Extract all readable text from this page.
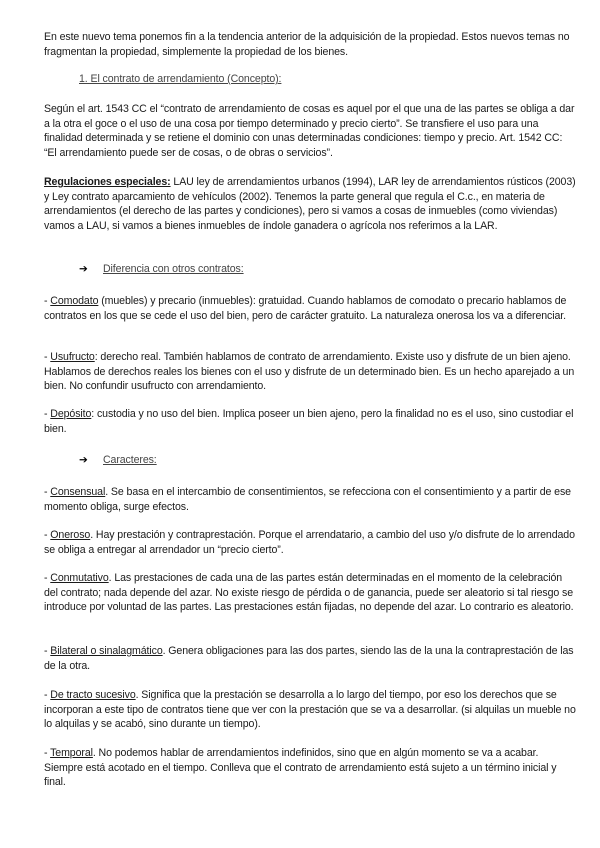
En este nuevo tema ponemos fin a la tendencia anterior de la adquisición de la propiedad. Estos nuevos temas no fragmentan la propiedad, simplemente la propiedad de los bienes.

1. El contrato de arrendamiento (Concepto):

Según el art. 1543 CC el “contrato de arrendamiento de cosas es aquel por el que una de las partes se obliga a dar a la otra el goce o el uso de una cosa por tiempo determinado y precio cierto”. Se transfiere el uso para una finalidad determinada y se retiene el dominio con unas determinadas condiciones: tiempo y precio. Art. 1542 CC: “El arrendamiento puede ser de cosas, o de obras o servicios”.

Regulaciones especiales: LAU ley de arrendamientos urbanos (1994), LAR ley de arrendamientos rústicos (2003) y Ley contrato aparcamiento de vehículos (2002). Tenemos la parte general que regula el C.c., en materia de arrendamientos (el derecho de las partes y condiciones), pero si vamos a cosas de inmuebles (como viviendas) vamos a LAU, si vamos a bienes inmuebles de índole ganadera o agrícola nos referimos a la LAR.

➔ Diferencia con otros contratos:

- Comodato (muebles) y precario (inmuebles): gratuidad. Cuando hablamos de comodato o precario hablamos de contratos en los que se cede el uso del bien, pero de carácter gratuito. La naturaleza onerosa los va a diferenciar.

- Usufructo: derecho real. También hablamos de contrato de arrendamiento. Existe uso y disfrute de un bien ajeno. Hablamos de derechos reales los bienes con el uso y disfrute de un determinado bien. Es un hecho aparejado a un bien. No confundir usufructo con arrendamiento.

- Depósito: custodia y no uso del bien. Implica poseer un bien ajeno, pero la finalidad no es el uso, sino custodiar el bien.

➔ Caracteres:

- Consensual. Se basa en el intercambio de consentimientos, se refecciona con el consentimiento y a partir de ese momento obliga, surge efectos.

- Oneroso. Hay prestación y contraprestación. Porque el arrendatario, a cambio del uso y/o disfrute de lo arrendado se obliga a entregar al arrendador un “precio cierto”.

- Conmutativo. Las prestaciones de cada una de las partes están determinadas en el momento de la celebración del contrato; nada depende del azar. No existe riesgo de pérdida o de ganancia, puede ser aleatorio si tal riesgo se introduce por voluntad de las partes. Las prestaciones están fijadas, no depende del azar. Lo contrario es aleatorio.

- Bilateral o sinalagmático. Genera obligaciones para las dos partes, siendo las de la una la contraprestación de las de la otra.

- De tracto sucesivo. Significa que la prestación se desarrolla a lo largo del tiempo, por eso los derechos que se incorporan a este tipo de contratos tiene que ver con la prestación que se va a desarrollar. (si alquilas un mueble no lo alquilas y se acabó, sino durante un tiempo).

- Temporal. No podemos hablar de arrendamientos indefinidos, sino que en algún momento se va a acabar. Siempre está acotado en el tiempo. Conlleva que el contrato de arrendamiento está sujeto a un término inicial y final.
